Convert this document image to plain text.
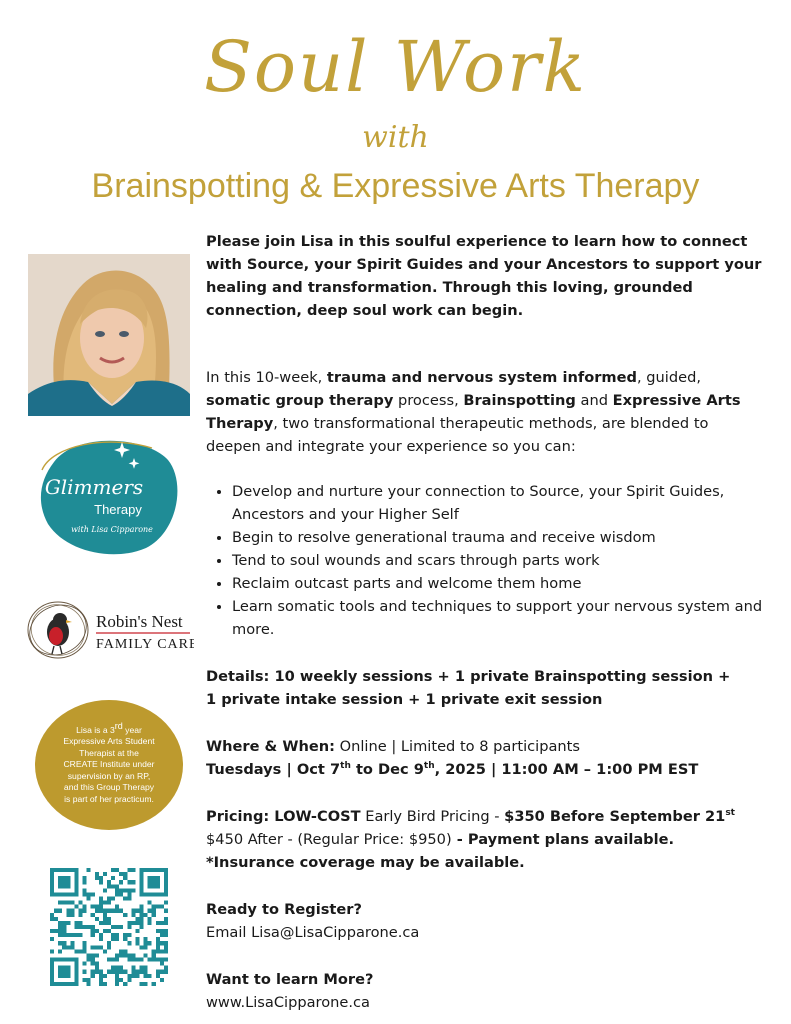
Soul Work
with
Brainspotting & Expressive Arts Therapy
Glimmers
Therapy
with Lisa Cipparone
Robin's Nest
FAMILY CARE
Lisa is a 3rd year Expressive Arts Student Therapist at the CREATE Institute under supervision by an RP, and this Group Therapy is part of her practicum.

Please join Lisa in this soulful experience to learn how to connect with Source, your Spirit Guides and your Ancestors to support your healing and transformation. Through this loving, grounded connection, deep soul work can begin.

In this 10-week, trauma and nervous system informed, guided, somatic group therapy process, Brainspotting and Expressive Arts Therapy, two transformational therapeutic methods, are blended to deepen and integrate your experience so you can:

• Develop and nurture your connection to Source, your Spirit Guides, Ancestors and your Higher Self
• Begin to resolve generational trauma and receive wisdom
• Tend to soul wounds and scars through parts work
• Reclaim outcast parts and welcome them home
• Learn somatic tools and techniques to support your nervous system and more.

Details: 10 weekly sessions + 1 private Brainspotting session +

1 private intake session + 1 private exit session

Where & When: Online | Limited to 8 participants

Tuesdays | Oct 7th to Dec 9th, 2025 | 11:00 AM – 1:00 PM EST

Pricing: LOW-COST Early Bird Pricing - $350 Before September 21st

$450 After - (Regular Price: $950) - Payment plans available.

*Insurance coverage may be available.

Ready to Register?

Email Lisa@LisaCipparone.ca

Want to learn More?

www.LisaCipparone.ca
